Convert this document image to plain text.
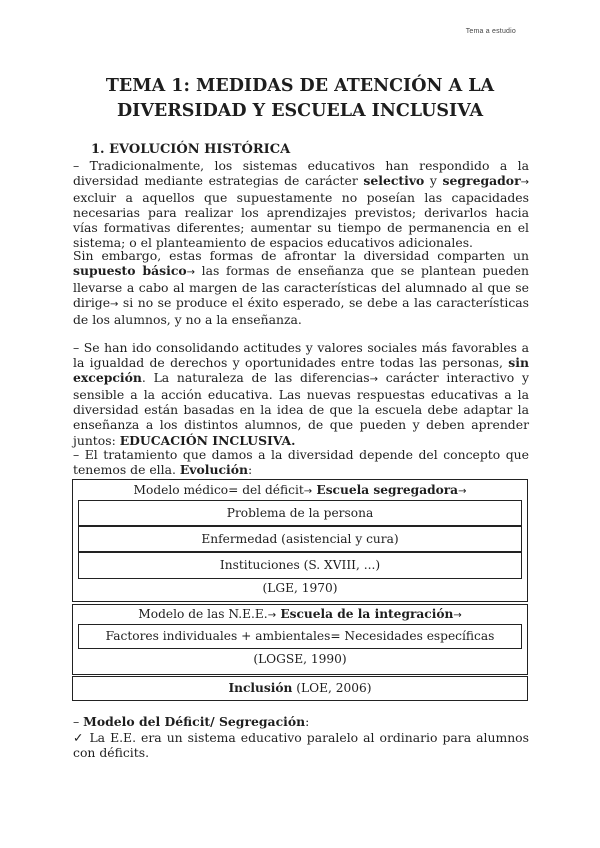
Tema a estudio
TEMA 1: MEDIDAS DE ATENCIÓN A LA
DIVERSIDAD Y ESCUELA INCLUSIVA
1. EVOLUCIÓN HISTÓRICA

– Tradicionalmente, los sistemas educativos han respondido a la diversidad mediante estrategias de carácter selectivo y segregador→ excluir a aquellos que supuestamente no poseían las capacidades necesarias para realizar los aprendizajes previstos; derivarlos hacia vías formativas diferentes; aumentar su tiempo de permanencia en el sistema; o el planteamiento de espacios educativos adicionales.

Sin embargo, estas formas de afrontar la diversidad comparten un supuesto básico→ las formas de enseñanza que se plantean pueden llevarse a cabo al margen de las características del alumnado al que se dirige→ si no se produce el éxito esperado, se debe a las características de los alumnos, y no a la enseñanza.

– Se han ido consolidando actitudes y valores sociales más favorables a la igualdad de derechos y oportunidades entre todas las personas, sin excepción. La naturaleza de las diferencias→ carácter interactivo y sensible a la acción educativa. Las nuevas respuestas educativas a la diversidad están basadas en la idea de que la escuela debe adaptar la enseñanza a los distintos alumnos, de que pueden y deben aprender juntos: EDUCACIÓN INCLUSIVA.

– El tratamiento que damos a la diversidad depende del concepto que tenemos de ella. Evolución:

Modelo médico= del déficit→ Escuela segregadora→
Problema de la persona
Enfermedad (asistencial y cura)
Instituciones (S. XVIII, ...)
(LGE, 1970)
Modelo de las N.E.E.→ Escuela de la integración→
Factores individuales + ambientales= Necesidades específicas
(LOGSE, 1990)
Inclusión (LOE, 2006)
– Modelo del Déficit/ Segregación:
✓ La E.E. era un sistema educativo paralelo al ordinario para alumnos con déficits.
